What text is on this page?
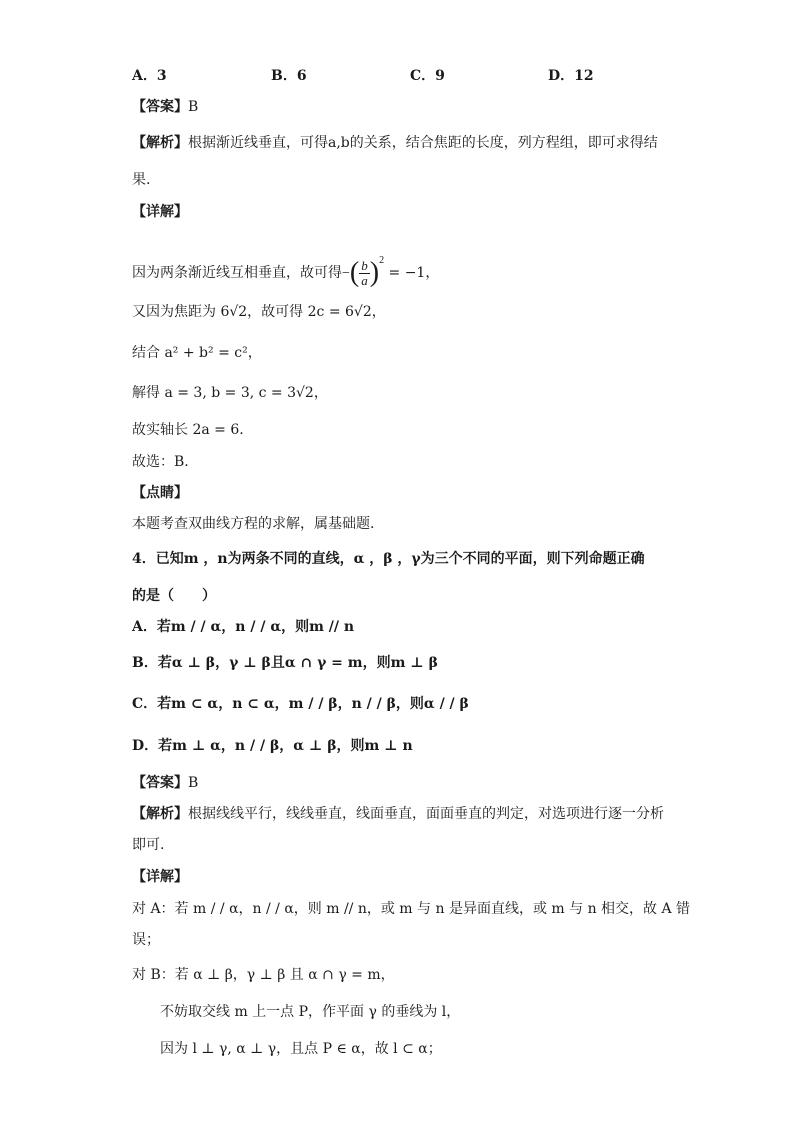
A．3	B．6	C．9	D．12
【答案】B
【解析】根据渐近线垂直，可得a,b的关系，结合焦距的长度，列方程组，即可求得结
果.
【详解】
因为两条渐近线互相垂直，故可得−( $\frac{b}{a} )^2 = -1$，
又因为焦距为 6√2，故可得 2c = 6√2，
结合 a² + b² = c²，
解得 a = 3, b = 3, c = 3√2，
故实轴长 2a = 6.
故选：B.
【点睛】
本题考查双曲线方程的求解，属基础题.
4．已知m ，n为两条不同的直线，α ，β ，γ为三个不同的平面，则下列命题正确
的是（　　）
A．若m / / α，n / / α，则m // n
B．若α ⊥ β，γ ⊥ β且α ∩ γ = m，则m ⊥ β
C．若m ⊂ α，n ⊂ α，m / / β，n / / β，则α / / β
D．若m ⊥ α，n / / β，α ⊥ β，则m ⊥ n
【答案】B
【解析】根据线线平行，线线垂直，线面垂直，面面垂直的判定，对选项进行逐一分析
即可.
【详解】
对 A：若 m / / α，n / / α，则 m // n，或 m 与 n 是异面直线，或 m 与 n 相交，故 A 错
误；
对 B：若 α ⊥ β，γ ⊥ β 且 α ∩ γ = m，
不妨取交线 m 上一点 P，作平面 γ 的垂线为 l，
因为 l ⊥ γ, α ⊥ γ，且点 P ∈ α，故 l ⊂ α；
